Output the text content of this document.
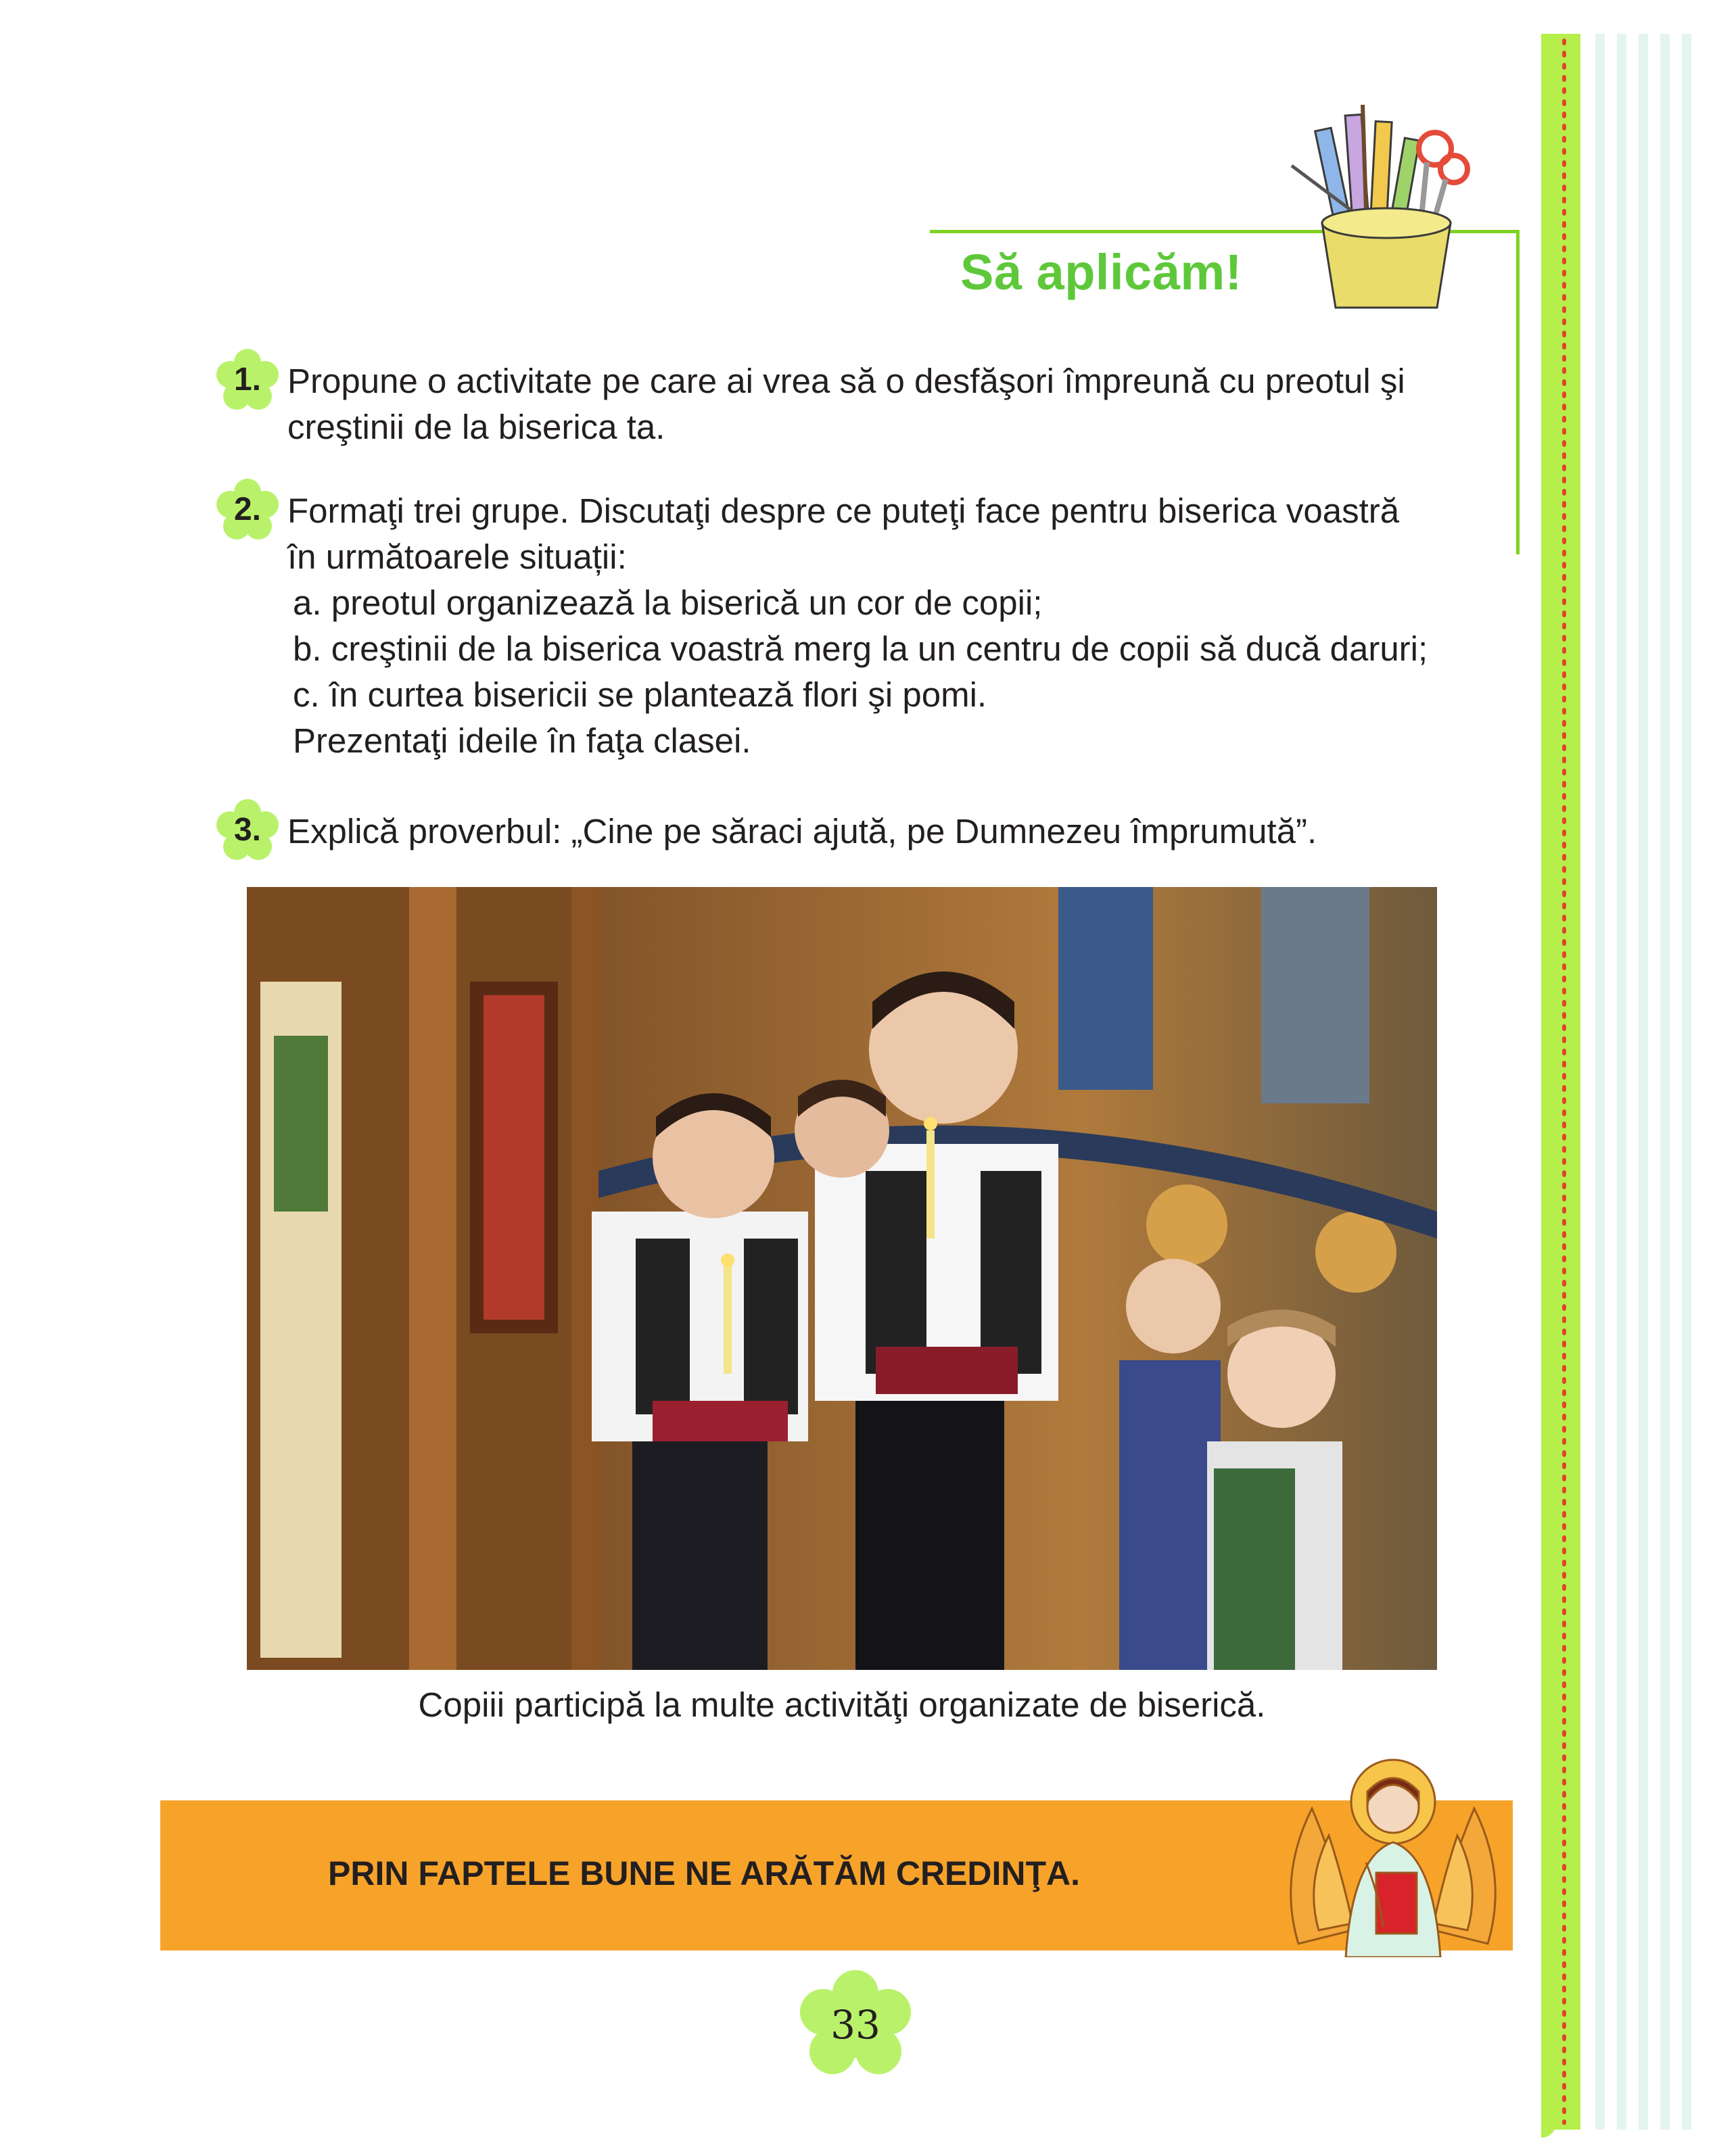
Să aplicăm!
1. Propune o activitate pe care ai vrea să o desfăşori împreună cu preotul şi
creştinii de la biserica ta.
2. Formaţi trei grupe. Discutaţi despre ce puteţi face pentru biserica voastră
în următoarele situații:
a. preotul organizează la biserică un cor de copii;
b. creştinii de la biserica voastră merg la un centru de copii să ducă daruri;
c. în curtea bisericii se plantează flori şi pomi.
Prezentaţi ideile în faţa clasei.
3. Explică proverbul: „Cine pe săraci ajută, pe Dumnezeu împrumută”.
Copiii participă la multe activităţi organizate de biserică.
PRIN FAPTELE BUNE NE ARĂTĂM CREDINŢA.
33
